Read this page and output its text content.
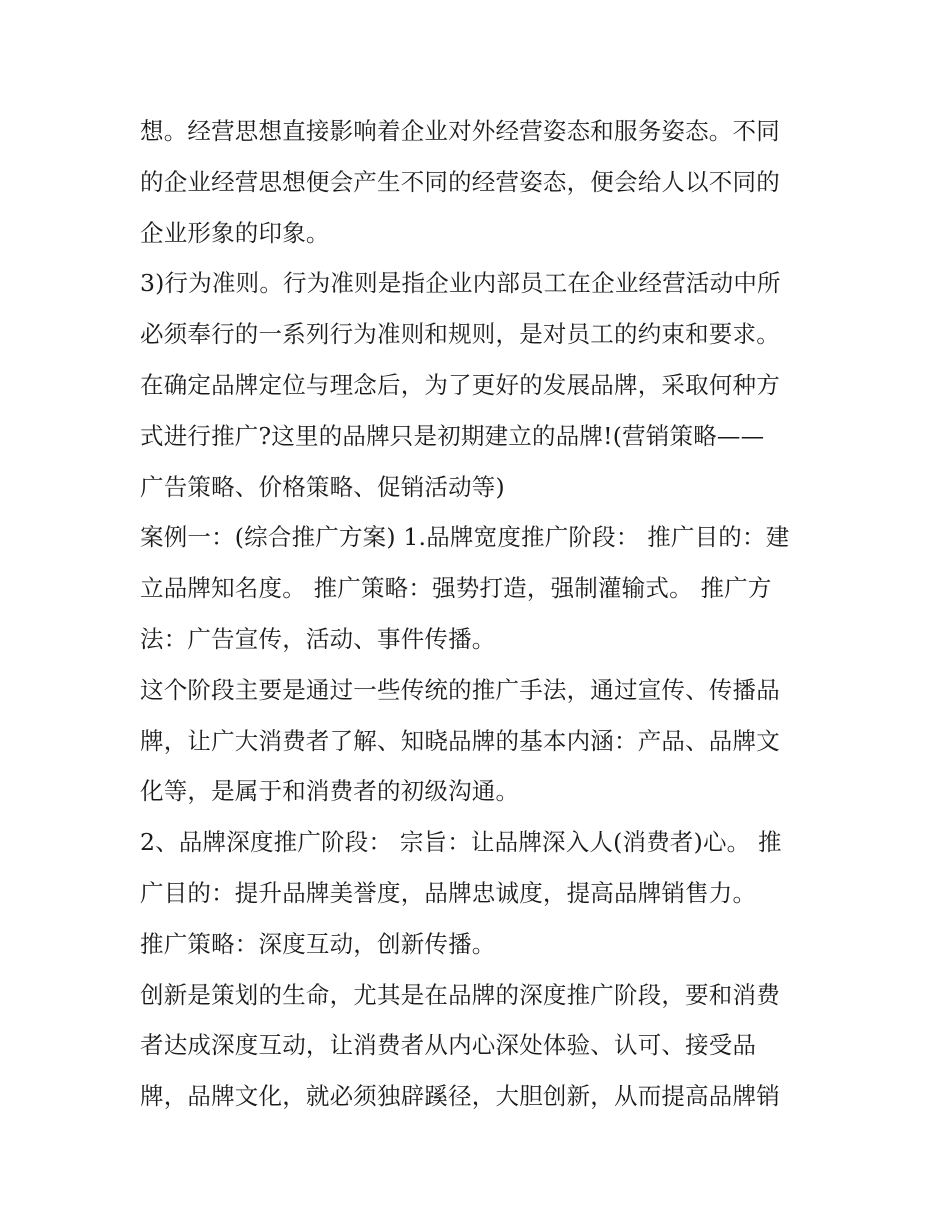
想。经营思想直接影响着企业对外经营姿态和服务姿态。不同
的企业经营思想便会产生不同的经营姿态，便会给人以不同的
企业形象的印象。
3)行为准则。行为准则是指企业内部员工在企业经营活动中所
必须奉行的一系列行为准则和规则，是对员工的约束和要求。
在确定品牌定位与理念后，为了更好的发展品牌，采取何种方
式进行推广?这里的品牌只是初期建立的品牌!(营销策略——
广告策略、价格策略、促销活动等)
案例一：(综合推广方案) 1.品牌宽度推广阶段： 推广目的：建
立品牌知名度。 推广策略：强势打造，强制灌输式。 推广方
法：广告宣传，活动、事件传播。
这个阶段主要是通过一些传统的推广手法，通过宣传、传播品
牌，让广大消费者了解、知晓品牌的基本内涵：产品、品牌文
化等，是属于和消费者的初级沟通。
2、品牌深度推广阶段： 宗旨：让品牌深入人(消费者)心。 推
广目的：提升品牌美誉度，品牌忠诚度，提高品牌销售力。
推广策略：深度互动，创新传播。
创新是策划的生命，尤其是在品牌的深度推广阶段，要和消费
者达成深度互动，让消费者从内心深处体验、认可、接受品
牌，品牌文化，就必须独辟蹊径，大胆创新，从而提高品牌销
